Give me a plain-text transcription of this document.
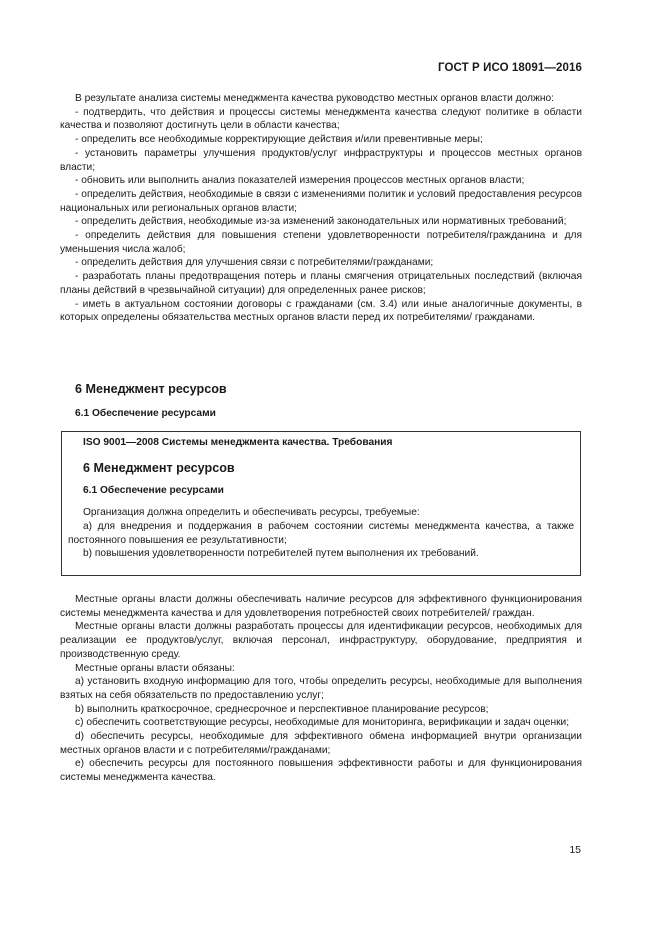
ГОСТ Р ИСО 18091—2016

В результате анализа системы менеджмента качества руководство местных органов власти должно:

- подтвердить, что действия и процессы системы менеджмента качества следуют политике в области качества и позволяют достигнуть цели в области качества;

- определить все необходимые корректирующие действия и/или превентивные меры;

- установить параметры улучшения продуктов/услуг инфраструктуры и процессов местных органов власти;

- обновить или выполнить анализ показателей измерения процессов местных органов власти;

- определить действия, необходимые в связи с изменениями политик и условий предоставления ресурсов национальных или региональных органов власти;

- определить действия, необходимые из-за изменений законодательных или нормативных требований;

- определить действия для повышения степени удовлетворенности потребителя/гражданина и для уменьшения числа жалоб;

- определить действия для улучшения связи с потребителями/гражданами;

- разработать планы предотвращения потерь и планы смягчения отрицательных последствий (включая планы действий в чрезвычайной ситуации) для определенных ранее рисков;

- иметь в актуальном состоянии договоры с гражданами (см. 3.4) или иные аналогичные документы, в которых определены обязательства местных органов власти перед их потребителями/ гражданами.

6 Менеджмент ресурсов

6.1 Обеспечение ресурсами

ISO 9001—2008 Системы менеджмента качества. Требования

6 Менеджмент ресурсов

6.1 Обеспечение ресурсами

Организация должна определить и обеспечивать ресурсы, требуемые:

а) для внедрения и поддержания в рабочем состоянии системы менеджмента качества, а также постоянного повышения ее результативности;

b) повышения удовлетворенности потребителей путем выполнения их требований.

Местные органы власти должны обеспечивать наличие ресурсов для эффективного функционирования системы менеджмента качества и для удовлетворения потребностей своих потребителей/ граждан.

Местные органы власти должны разработать процессы для идентификации ресурсов, необходимых для реализации ее продуктов/услуг, включая персонал, инфраструктуру, оборудование, предприятия и производственную среду.

Местные органы власти обязаны:

а) установить входную информацию для того, чтобы определить ресурсы, необходимые для выполнения взятых на себя обязательств по предоставлению услуг;

b) выполнить краткосрочное, среднесрочное и перспективное планирование ресурсов;

c) обеспечить соответствующие ресурсы, необходимые для мониторинга, верификации и задач оценки;

d) обеспечить ресурсы, необходимые для эффективного обмена информацией внутри организации местных органов власти и с потребителями/гражданами;

e) обеспечить ресурсы для постоянного повышения эффективности работы и для функционирования системы менеджмента качества.

15
